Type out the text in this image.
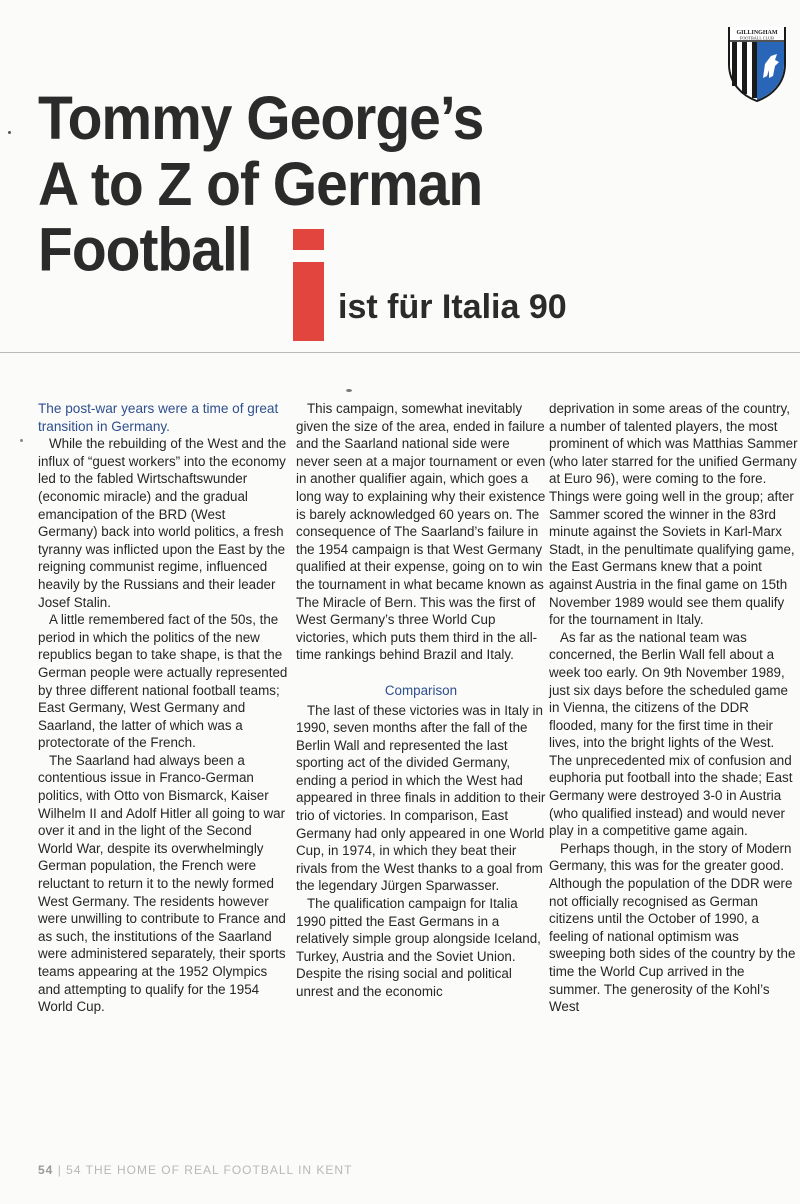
GILLINGHAM
FOOTBALL CLUB
Tommy George’s
A to Z of German
Football
ist für Italia 90

The post-war years were a time of great transition in Germany.

While the rebuilding of the West and the influx of “guest workers” into the economy led to the fabled Wirtschaftswunder (economic miracle) and the gradual emancipation of the BRD (West Germany) back into world politics, a fresh tyranny was inflicted upon the East by the reigning communist regime, influenced heavily by the Russians and their leader Josef Stalin.

A little remembered fact of the 50s, the period in which the politics of the new republics began to take shape, is that the German people were actually represented by three different national football teams; East Germany, West Germany and Saarland, the latter of which was a protectorate of the French.

The Saarland had always been a contentious issue in Franco-German politics, with Otto von Bismarck, Kaiser Wilhelm II and Adolf Hitler all going to war over it and in the light of the Second World War, despite its overwhelmingly German population, the French were reluctant to return it to the newly formed West Germany. The residents however were unwilling to contribute to France and as such, the institutions of the Saarland were administered separately, their sports teams appearing at the 1952 Olympics and attempting to qualify for the 1954 World Cup.

This campaign, somewhat inevitably given the size of the area, ended in failure and the Saarland national side were never seen at a major tournament or even in another qualifier again, which goes a long way to explaining why their existence is barely acknowledged 60 years on. The consequence of The Saarland’s failure in the 1954 campaign is that West Germany qualified at their expense, going on to win the tournament in what became known as The Miracle of Bern. This was the first of West Germany’s three World Cup victories, which puts them third in the all-time rankings behind Brazil and Italy.

Comparison

The last of these victories was in Italy in 1990, seven months after the fall of the Berlin Wall and represented the last sporting act of the divided Germany, ending a period in which the West had appeared in three finals in addition to their trio of victories. In comparison, East Germany had only appeared in one World Cup, in 1974, in which they beat their rivals from the West thanks to a goal from the legendary Jürgen Sparwasser.

The qualification campaign for Italia 1990 pitted the East Germans in a relatively simple group alongside Iceland, Turkey, Austria and the Soviet Union. Despite the rising social and political unrest and the economic

deprivation in some areas of the country, a number of talented players, the most prominent of which was Matthias Sammer (who later starred for the unified Germany at Euro 96), were coming to the fore. Things were going well in the group; after Sammer scored the winner in the 83rd minute against the Soviets in Karl-Marx Stadt, in the penultimate qualifying game, the East Germans knew that a point against Austria in the final game on 15th November 1989 would see them qualify for the tournament in Italy.

As far as the national team was concerned, the Berlin Wall fell about a week too early. On 9th November 1989, just six days before the scheduled game in Vienna, the citizens of the DDR flooded, many for the first time in their lives, into the bright lights of the West. The unprecedented mix of confusion and euphoria put football into the shade; East Germany were destroyed 3-0 in Austria (who qualified instead) and would never play in a competitive game again.

Perhaps though, in the story of Modern Germany, this was for the greater good. Although the population of the DDR were not officially recognised as German citizens until the October of 1990, a feeling of national optimism was sweeping both sides of the country by the time the World Cup arrived in the summer. The generosity of the Kohl’s West

54 | 54 THE HOME OF REAL FOOTBALL IN KENT
